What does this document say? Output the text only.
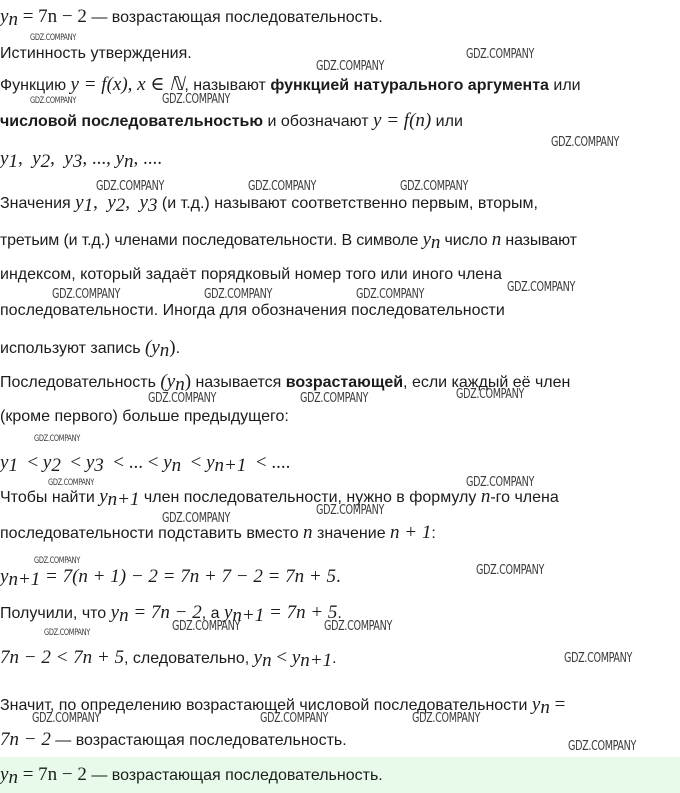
$y_n = 7n - 2$ — возрастающая последовательность.
Истинность утверждения.
Функцию y = f(x), x ∈ ℕ, называют функцией натурального аргумента или
числовой последовательностью и обозначают y = f(n) или
$y_1$,  $y_2$,  $y_3$, ..., $y_n$, ....
Значения $y_1$,  $y_2$,  $y_3$ (и т.д.) называют соответственно первым, вторым,
третьим (и т.д.) членами последовательности. В символе $y_n$ число n называют
индексом, который задаёт порядковый номер того или иного члена
последовательности. Иногда для обозначения последовательности
используют запись $(y_n)$.
Последовательность $(y_n)$ называется возрастающей, если каждый её член
(кроме первого) больше предыдущего:
$y_1 < y_2 < y_3$  < ... < $y_n < y_{n+1}$  < ....
Чтобы найти $y_{n+1}$ член последовательности, нужно в формулу n-го члена
последовательности подставить вместо n значение n + 1:
$y_{n+1} = 7(n + 1) - 2 = 7n + 7 - 2 = 7n + 5$.
Получили, что $y_n = 7n - 2$, а $y_{n+1} = 7n + 5$.
7n − 2 < 7n + 5, следовательно, $y_n < y_{n+1}$.
Значит, по определению возрастающей числовой последовательности $y_n$ =
7n − 2 — возрастающая последовательность.
$y_n = 7n - 2$ — возрастающая последовательность.
GDZ.COMPANY
GDZ.COMPANY
GDZ.COMPANY
GDZ.COMPANY	GDZ.COMPANY
GDZ.COMPANY
GDZ.COMPANY	GDZ.COMPANY	GDZ.COMPANY
GDZ.COMPANY
GDZ.COMPANY	GDZ.COMPANY	GDZ.COMPANY
GDZ.COMPANY
GDZ.COMPANY	GDZ.COMPANY
GDZ.COMPANY
GDZ.COMPANY	GDZ.COMPANY
GDZ.COMPANY
GDZ.COMPANY
GDZ.COMPANY
GDZ.COMPANY
GDZ.COMPANY	GDZ.COMPANY	GDZ.COMPANY
GDZ.COMPANY
GDZ.COMPANY	GDZ.COMPANY	GDZ.COMPANY
GDZ.COMPANY
